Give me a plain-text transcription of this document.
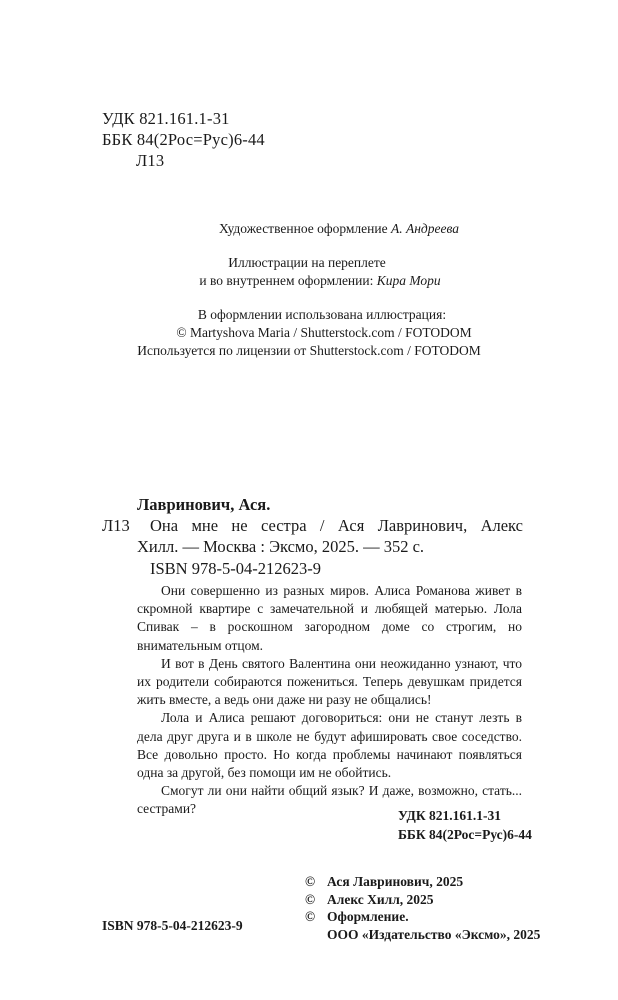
УДК 821.161.1-31
ББК 84(2Рос=Рус)6-44
Л13
Художественное оформление А. Андреева
Иллюстрации на переплете
и во внутреннем оформлении: Кира Мори
В оформлении использована иллюстрация:
© Martyshova Maria / Shutterstock.com / FOTODOM
Используется по лицензии от Shutterstock.com / FOTODOM
Лавринович, Ася.
Л13 Она мне не сестра / Ася Лавринович, Алекс
Хилл. — Москва : Эксмо, 2025. — 352 с.
ISBN 978-5-04-212623-9

Они совершенно из разных миров. Алиса Романова живет в скромной квартире с замечательной и любящей матерью. Лола Спивак – в роскошном загородном доме со строгим, но внимательным отцом.

И вот в День святого Валентина они неожиданно узнают, что их родители собираются пожениться. Теперь девушкам придется жить вместе, а ведь они даже ни разу не общались!

Лола и Алиса решают договориться: они не станут лезть в дела друг друга и в школе не будут афишировать свое соседство. Все довольно просто. Но когда проблемы начинают появляться одна за другой, без помощи им не обойтись.

Смогут ли они найти общий язык? И даже, возможно, стать... сестрами?	УДК 821.161.1-31
ББК 84(2Рос=Рус)6-44
© Ася Лавринович, 2025
© Алекс Хилл, 2025
© Оформление.
ООО «Издательство «Эксмо», 2025
ISBN 978-5-04-212623-9
